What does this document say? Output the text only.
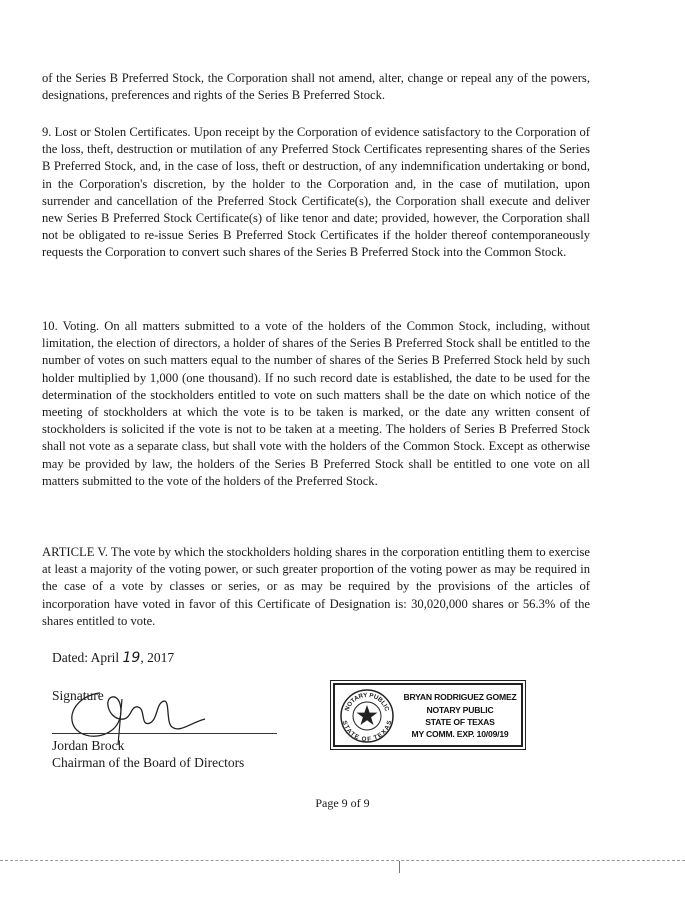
of the Series B Preferred Stock, the Corporation shall not amend, alter, change or repeal any of the powers, designations, preferences and rights of the Series B Preferred Stock.

9. Lost or Stolen Certificates. Upon receipt by the Corporation of evidence satisfactory to the Corporation of the loss, theft, destruction or mutilation of any Preferred Stock Certificates representing shares of the Series B Preferred Stock, and, in the case of loss, theft or destruction, of any indemnification undertaking or bond, in the Corporation's discretion, by the holder to the Corporation and, in the case of mutilation, upon surrender and cancellation of the Preferred Stock Certificate(s), the Corporation shall execute and deliver new Series B Preferred Stock Certificate(s) of like tenor and date; provided, however, the Corporation shall not be obligated to re-issue Series B Preferred Stock Certificates if the holder thereof contemporaneously requests the Corporation to convert such shares of the Series B Preferred Stock into the Common Stock.

10. Voting. On all matters submitted to a vote of the holders of the Common Stock, including, without limitation, the election of directors, a holder of shares of the Series B Preferred Stock shall be entitled to the number of votes on such matters equal to the number of shares of the Series B Preferred Stock held by such holder multiplied by 1,000 (one thousand). If no such record date is established, the date to be used for the determination of the stockholders entitled to vote on such matters shall be the date on which notice of the meeting of stockholders at which the vote is to be taken is marked, or the date any written consent of stockholders is solicited if the vote is not to be taken at a meeting. The holders of Series B Preferred Stock shall not vote as a separate class, but shall vote with the holders of the Common Stock. Except as otherwise may be provided by law, the holders of the Series B Preferred Stock shall be entitled to one vote on all matters submitted to the vote of the holders of the Preferred Stock.

ARTICLE V. The vote by which the stockholders holding shares in the corporation entitling them to exercise at least a majority of the voting power, or such greater proportion of the voting power as may be required in the case of a vote by classes or series, or as may be required by the provisions of the articles of incorporation have voted in favor of this Certificate of Designation is: 30,020,000 shares or 56.3% of the shares entitled to vote.

Dated: April 19, 2017
Signature
Jordan Brock
Chairman of the Board of Directors
NOTARY PUBLIC
STATE OF TEXAS
BRYAN RODRIGUEZ GOMEZ
NOTARY PUBLIC
STATE OF TEXAS
MY COMM. EXP. 10/09/19
Page 9 of 9
